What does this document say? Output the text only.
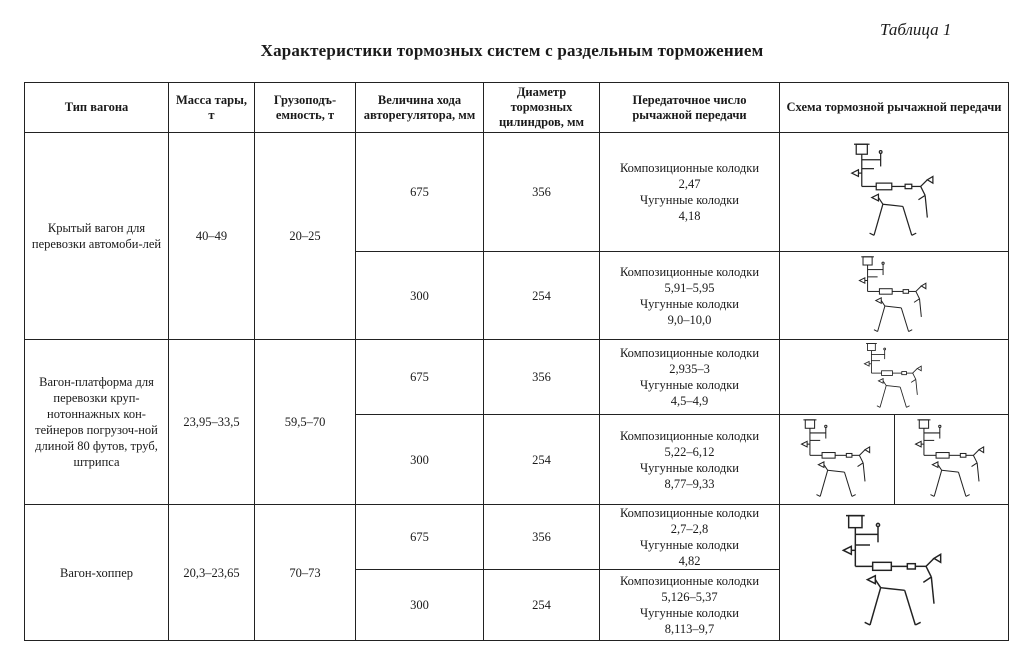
Таблица 1
Характеристики тормозных систем с раздельным торможением
Тип вагона	Масса тары, т	Грузоподъ-емность, т	Величина хода авторегулятора, мм	Диаметр тормозных цилиндров, мм	Передаточное число рычажной передачи	Схема тормозной рычажной передачи
Крытый вагон для перевозки автомоби-лей	40–49	20–25	675	356	Композиционные колодки
2,47
Чугунные колодки
4,18

			300	254	Композиционные колодки
5,91–5,95
Чугунные колодки
9,0–10,0

Вагон-платформа для перевозки круп-нотоннажных кон-тейнеров погрузоч-ной длиной 80 футов, труб, штрипса	23,95–33,5	59,5–70	675	356	Композиционные колодки
2,935–3
Чугунные колодки
4,5–4,9

			300	254	Композиционные колодки
5,22–6,12
Чугунные колодки
8,77–9,33

Вагон-хоппер	20,3–23,65	70–73	675	356	Композиционные колодки
2,7–2,8
Чугунные колодки
4,82

			300	254	Композиционные колодки
5,126–5,37
Чугунные колодки
8,113–9,7	
